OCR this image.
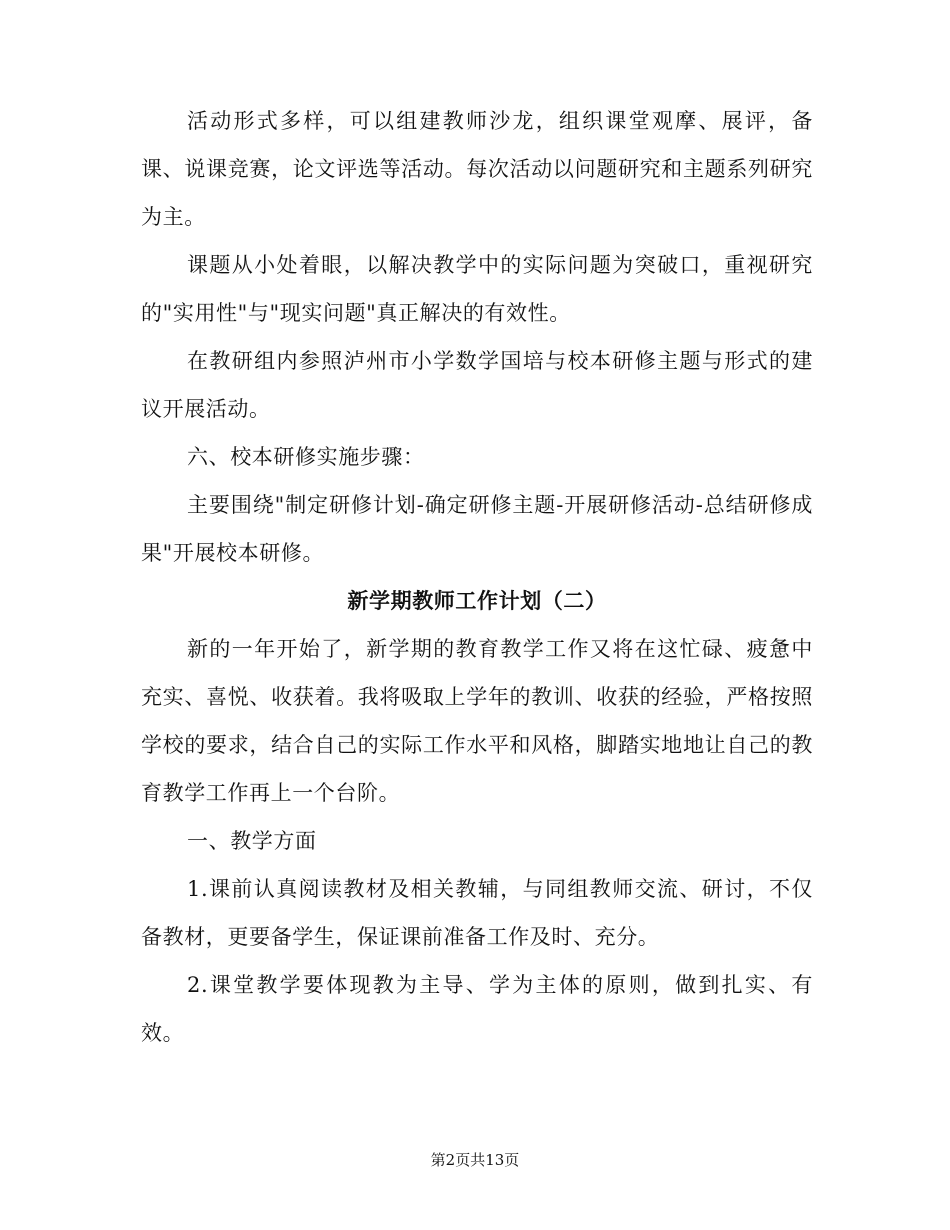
活动形式多样，可以组建教师沙龙，组织课堂观摩、展评，备课、说课竞赛，论文评选等活动。每次活动以问题研究和主题系列研究为主。

课题从小处着眼，以解决教学中的实际问题为突破口，重视研究的"实用性"与"现实问题"真正解决的有效性。

在教研组内参照泸州市小学数学国培与校本研修主题与形式的建议开展活动。

六、校本研修实施步骤：

主要围绕"制定研修计划-确定研修主题-开展研修活动-总结研修成果"开展校本研修。

新学期教师工作计划（二）

新的一年开始了，新学期的教育教学工作又将在这忙碌、疲惫中充实、喜悦、收获着。我将吸取上学年的教训、收获的经验，严格按照学校的要求，结合自己的实际工作水平和风格，脚踏实地地让自己的教育教学工作再上一个台阶。

一、教学方面

1.课前认真阅读教材及相关教辅，与同组教师交流、研讨，不仅备教材，更要备学生，保证课前准备工作及时、充分。

2.课堂教学要体现教为主导、学为主体的原则，做到扎实、有效。

第2页共13页
